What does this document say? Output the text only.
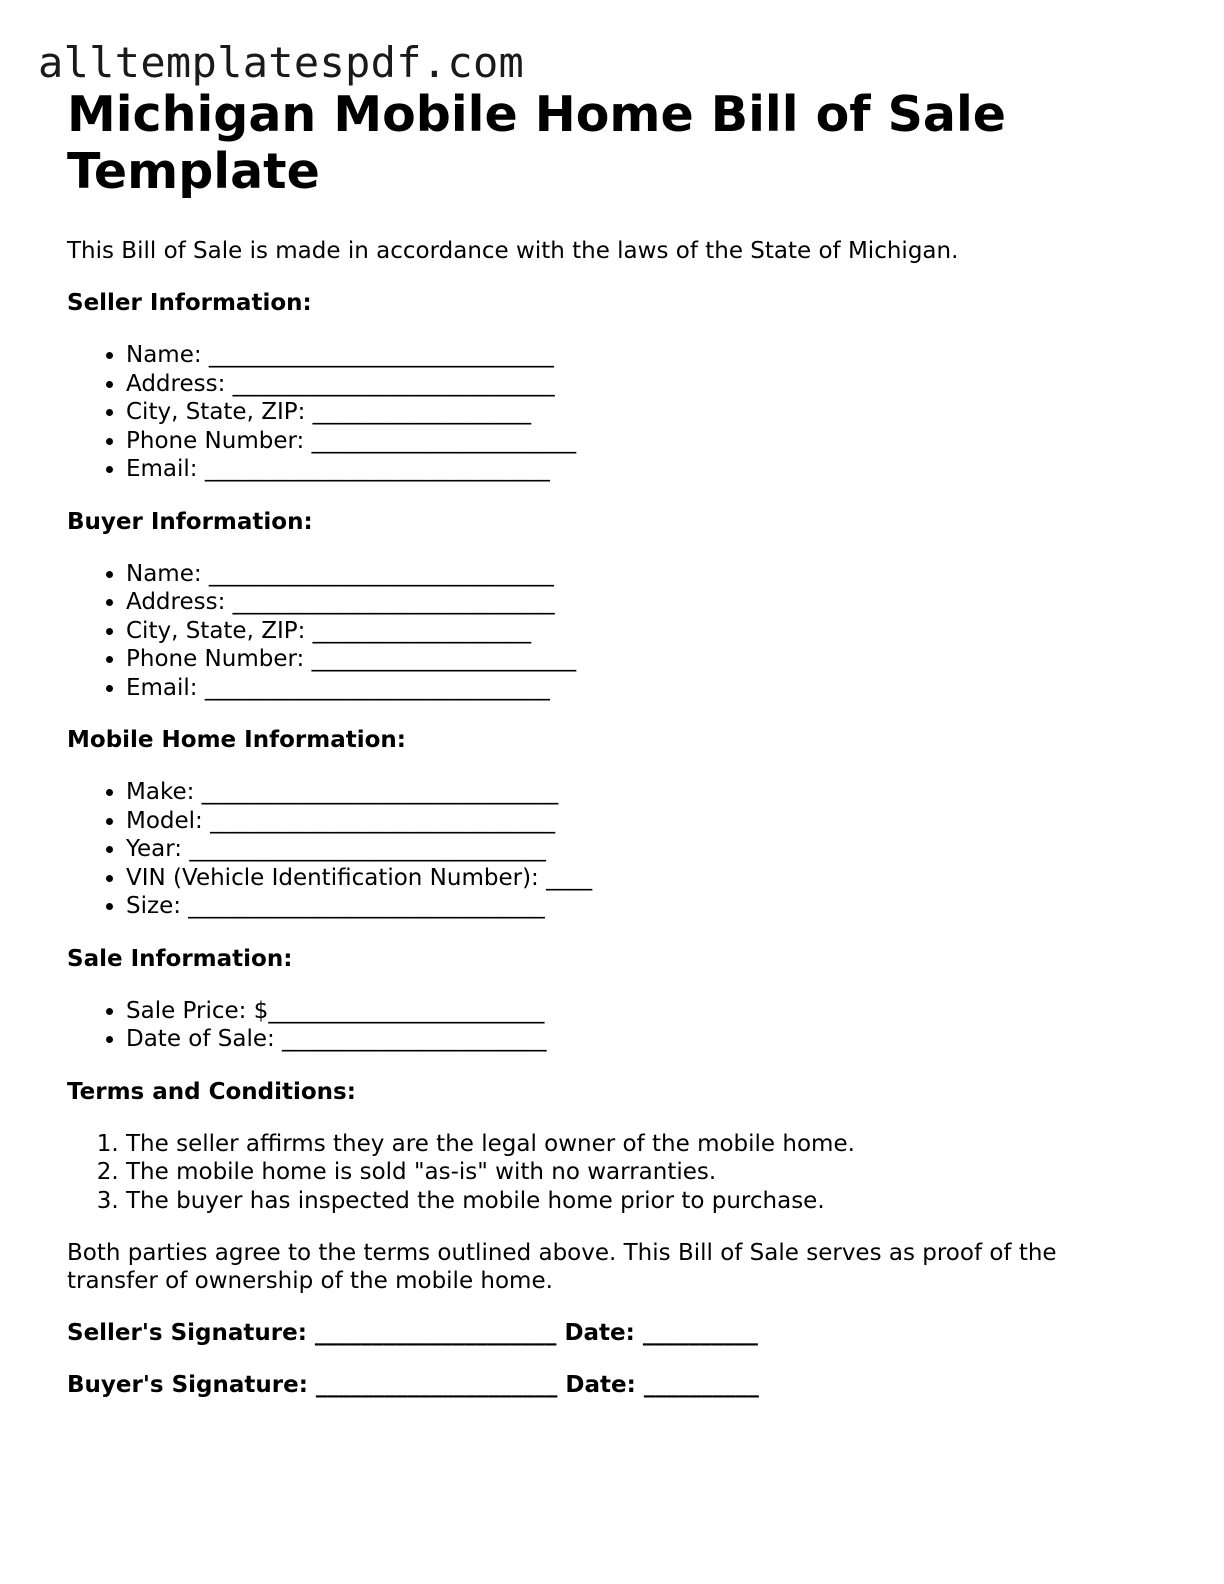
alltemplatespdf.com
Michigan Mobile Home Bill of Sale Template

This Bill of Sale is made in accordance with the laws of the State of Michigan.

Seller Information:
• Name: ______________________________
• Address: ____________________________
• City, State, ZIP: ___________________
• Phone Number: _______________________
• Email: ______________________________
Buyer Information:
• Name: ______________________________
• Address: ____________________________
• City, State, ZIP: ___________________
• Phone Number: _______________________
• Email: ______________________________
Mobile Home Information:
• Make: _______________________________
• Model: ______________________________
• Year: _______________________________
• VIN (Vehicle Identification Number): ____
• Size: _______________________________
Sale Information:
• Sale Price: $________________________
• Date of Sale: _______________________
Terms and Conditions:
1. The seller affirms they are the legal owner of the mobile home.
2. The mobile home is sold "as-is" with no warranties.
3. The buyer has inspected the mobile home prior to purchase.

Both parties agree to the terms outlined above. This Bill of Sale serves as proof of the transfer of ownership of the mobile home.

Seller's Signature: _____________________ Date: __________
Buyer's Signature: _____________________ Date: __________
